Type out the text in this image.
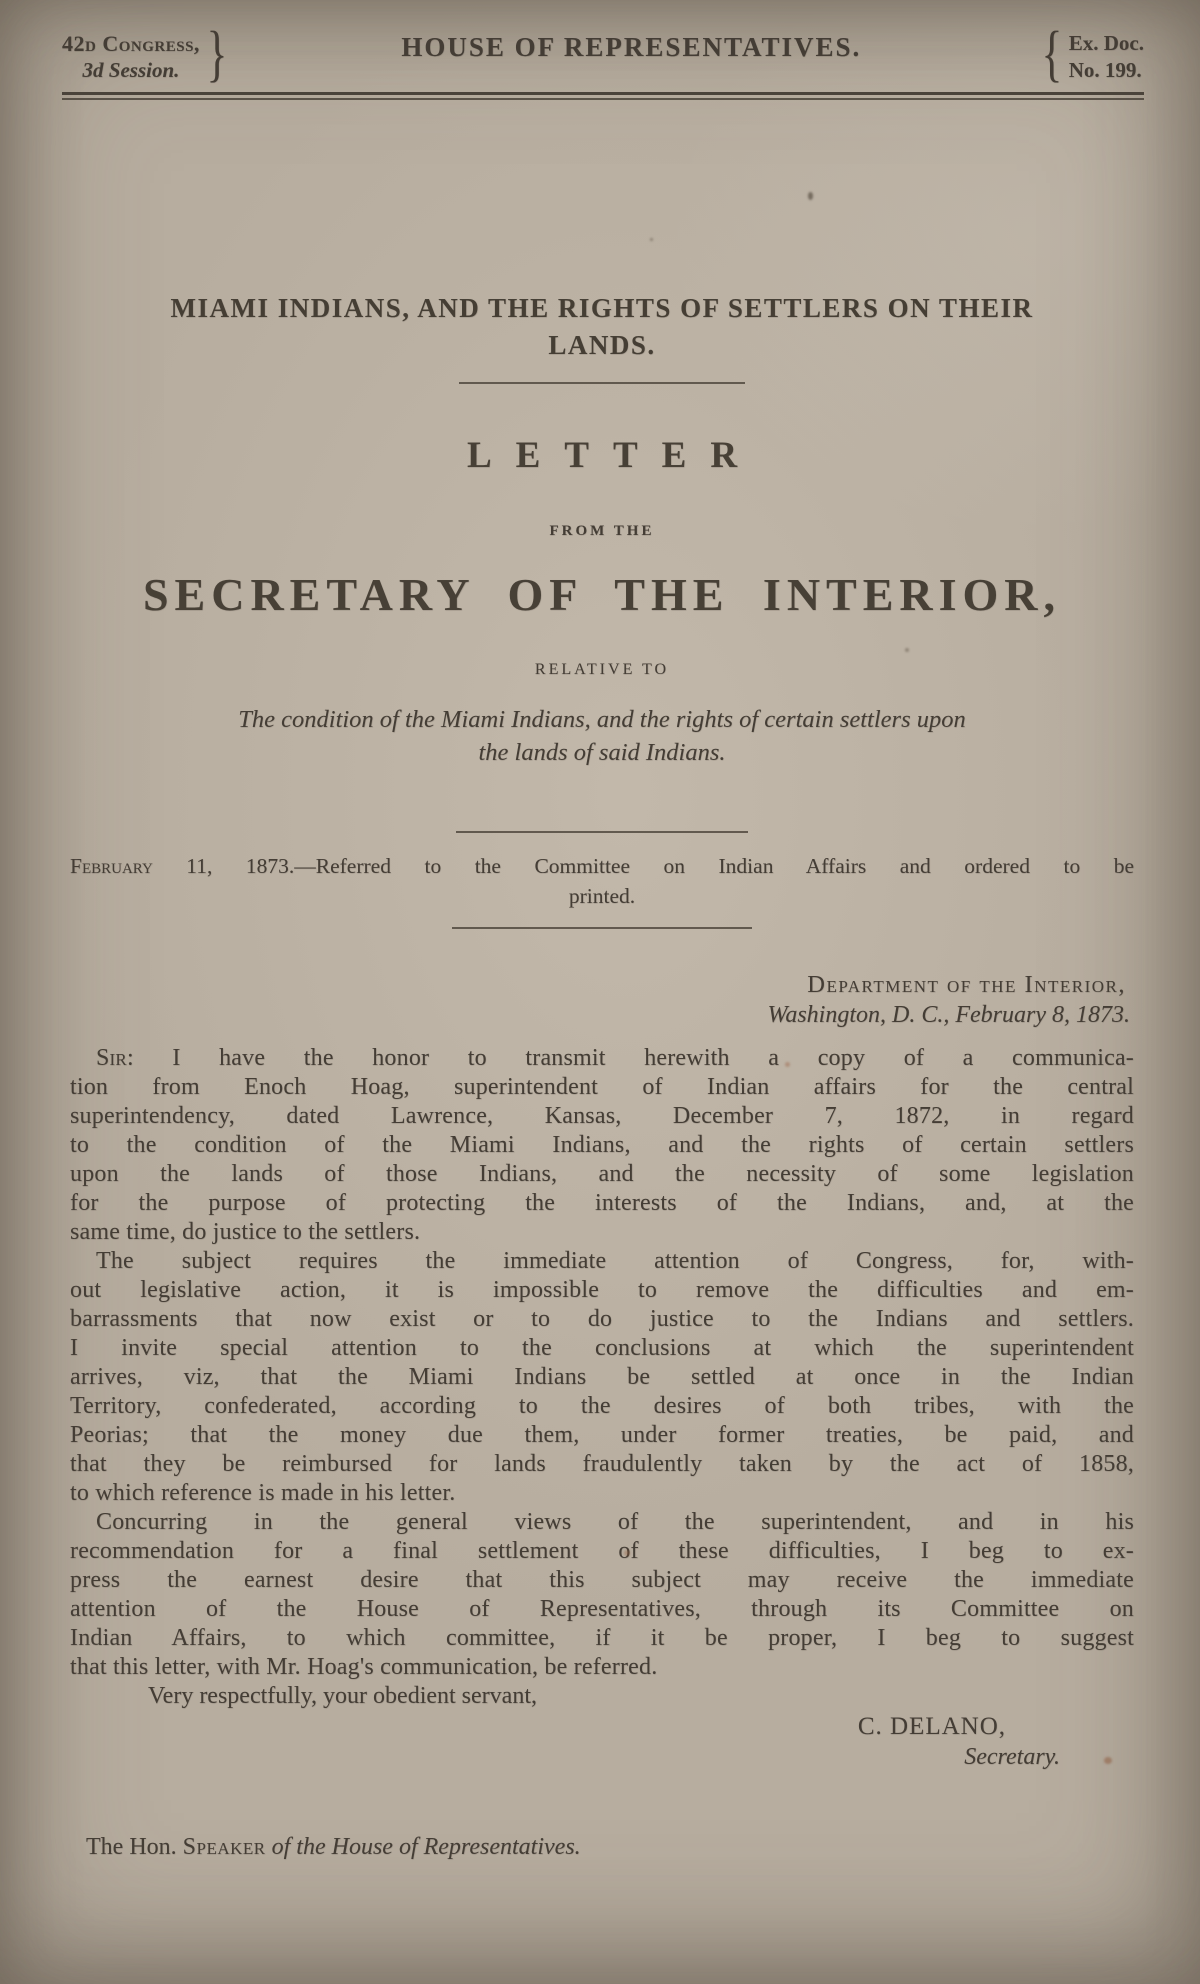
42d Congress,
3d Session. }	HOUSE OF REPRESENTATIVES.	{ Ex. Doc.
No. 199.
MIAMI INDIANS, AND THE RIGHTS OF SETTLERS ON THEIR
LANDS.
LETTER
FROM THE
SECRETARY OF THE INTERIOR,
RELATIVE TO
The condition of the Miami Indians, and the rights of certain settlers upon
the lands of said Indians.
February 11, 1873.—Referred to the Committee on Indian Affairs and ordered to be
printed.
Department of the Interior,
Washington, D. C., February 8, 1873.
Sir: I have the honor to transmit herewith a copy of a communica-
tion from Enoch Hoag, superintendent of Indian affairs for the central
superintendency, dated Lawrence, Kansas, December 7, 1872, in regard
to the condition of the Miami Indians, and the rights of certain settlers
upon the lands of those Indians, and the necessity of some legislation
for the purpose of protecting the interests of the Indians, and, at the
same time, do justice to the settlers.
The subject requires the immediate attention of Congress, for, with-
out legislative action, it is impossible to remove the difficulties and em-
barrassments that now exist or to do justice to the Indians and settlers.
I invite special attention to the conclusions at which the superintendent
arrives, viz, that the Miami Indians be settled at once in the Indian
Territory, confederated, according to the desires of both tribes, with the
Peorias; that the money due them, under former treaties, be paid, and
that they be reimbursed for lands fraudulently taken by the act of 1858,
to which reference is made in his letter.
Concurring in the general views of the superintendent, and in his
recommendation for a final settlement of these difficulties, I beg to ex-
press the earnest desire that this subject may receive the immediate
attention of the House of Representatives, through its Committee on
Indian Affairs, to which committee, if it be proper, I beg to suggest
that this letter, with Mr. Hoag's communication, be referred.
Very respectfully, your obedient servant,
C. DELANO,
Secretary.
The Hon. Speaker of the House of Representatives.
